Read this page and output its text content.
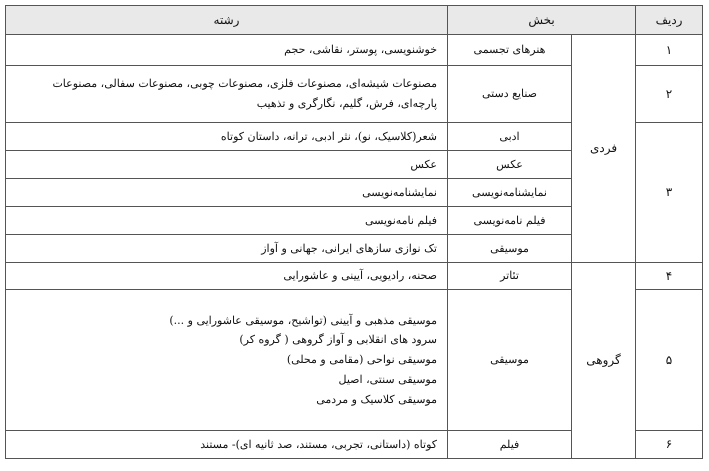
ردیف	بخش		رشته
۱	فردی	هنرهای تجسمی	خوشنویسی، پوستر، نقاشی، حجم
۲		صنایع دستی	مصنوعات شیشه‌ای، مصنوعات فلزی، مصنوعات چوبی، مصنوعات سفالی، مصنوعات
پارچه‌ای، فرش، گلیم، نگارگری و تذهیب

۳		ادبی	شعر(کلاسیک، نو)، نثر ادبی، ترانه، داستان کوتاه
		عکس	عکس
		نمایشنامه‌نویسی	نمایشنامه‌نویسی
		فیلم نامه‌نویسی	فیلم نامه‌نویسی
		موسیقی	تک نوازی سازهای ایرانی، جهانی و آواز
۴	گروهی	تئاتر	صحنه، رادیویی، آیینی و عاشورایی
۵		موسیقی	موسیقی مذهبی و آیینی (تواشیح، موسیقی عاشورایی و ...)
سرود های انقلابی و آواز گروهی ( گروه کر)
موسیقی نواحی (مقامی و محلی)
موسیقی سنتی، اصیل
موسیقی کلاسیک و مردمی

۶		فیلم	کوتاه (داستانی، تجربی، مستند، صد ثانیه ای)- مستند
